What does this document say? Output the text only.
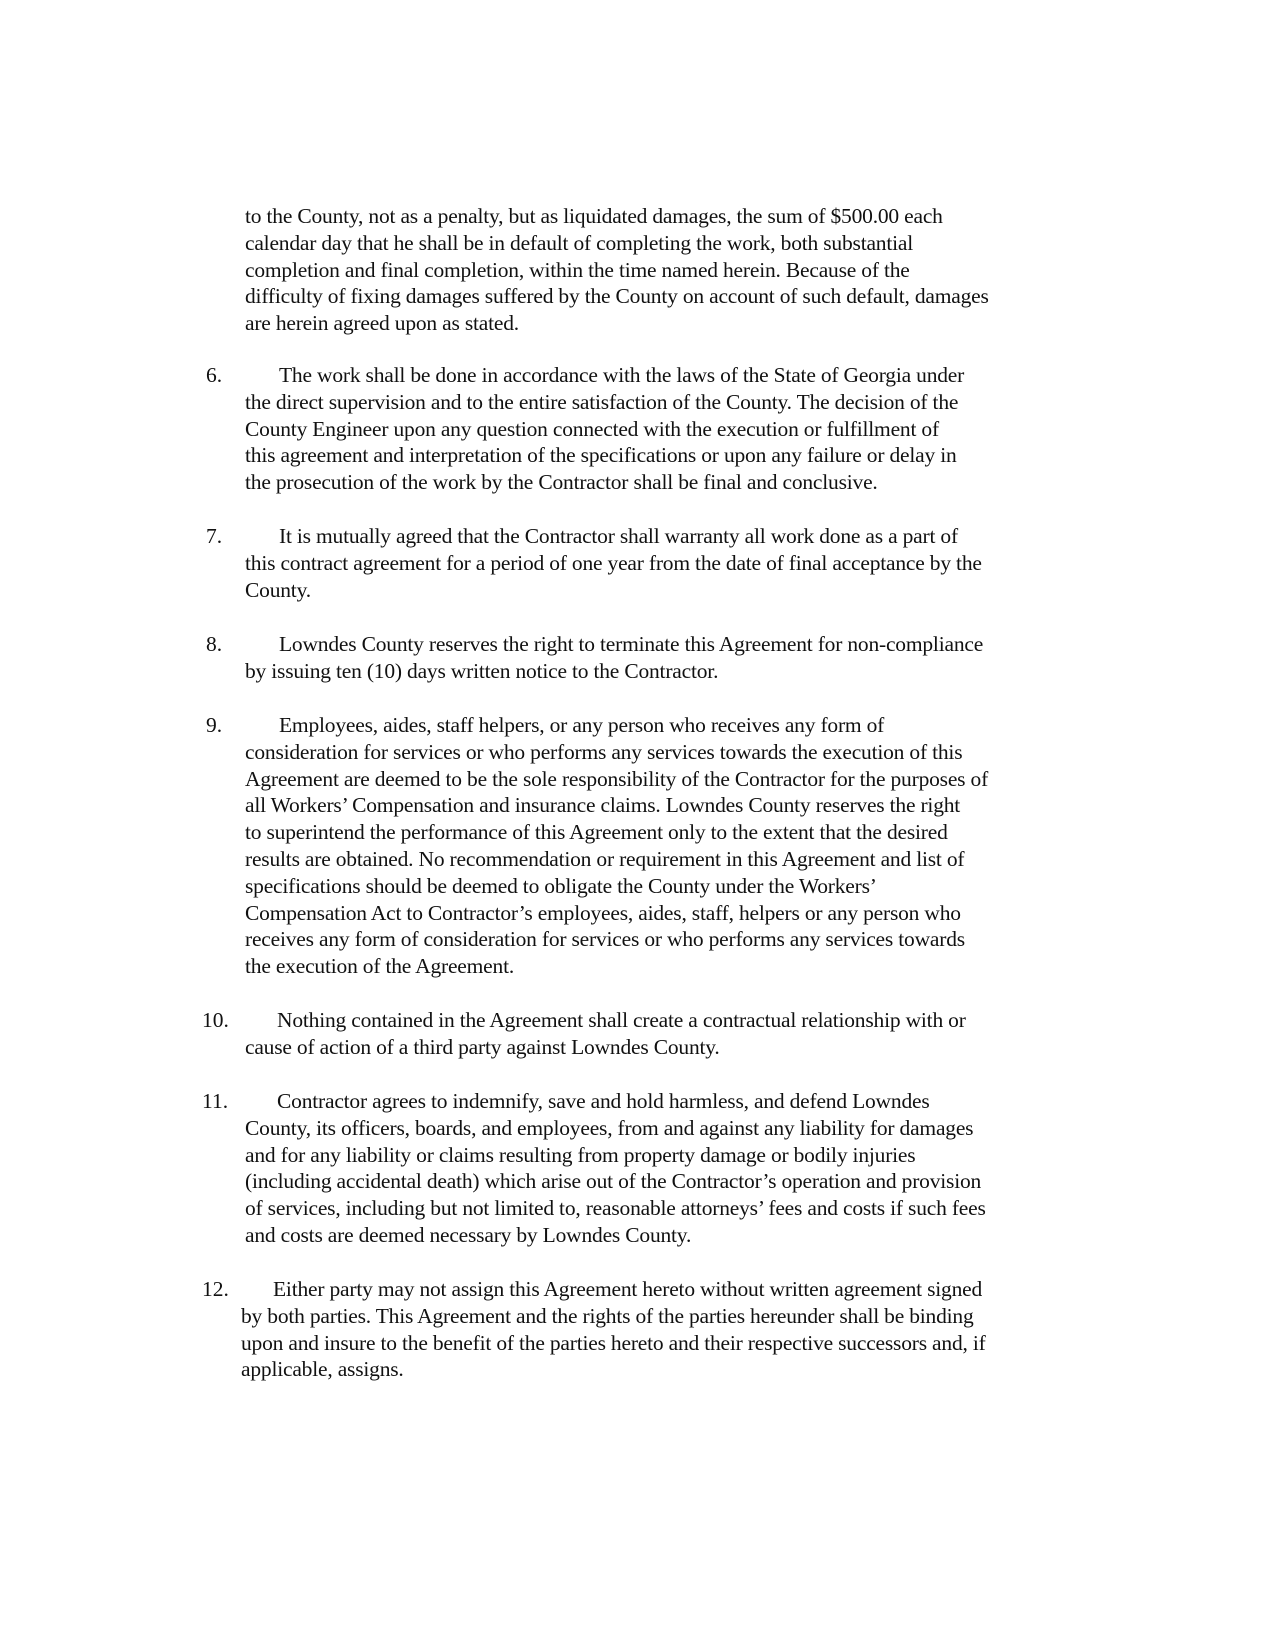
to the County, not as a penalty, but as liquidated damages, the sum of $500.00 each
calendar day that he shall be in default of completing the work, both substantial
completion and final completion, within the time named herein. Because of the
difficulty of fixing damages suffered by the County on account of such default, damages
are herein agreed upon as stated.
6.	The work shall be done in accordance with the laws of the State of Georgia under
the direct supervision and to the entire satisfaction of the County. The decision of the
County Engineer upon any question connected with the execution or fulfillment of
this agreement and interpretation of the specifications or upon any failure or delay in
the prosecution of the work by the Contractor shall be final and conclusive.
7.	It is mutually agreed that the Contractor shall warranty all work done as a part of
this contract agreement for a period of one year from the date of final acceptance by the
County.
8.	Lowndes County reserves the right to terminate this Agreement for non-compliance
by issuing ten (10) days written notice to the Contractor.
9.	Employees, aides, staff helpers, or any person who receives any form of
consideration for services or who performs any services towards the execution of this
Agreement are deemed to be the sole responsibility of the Contractor for the purposes of
all Workers’ Compensation and insurance claims. Lowndes County reserves the right
to superintend the performance of this Agreement only to the extent that the desired
results are obtained. No recommendation or requirement in this Agreement and list of
specifications should be deemed to obligate the County under the Workers’
Compensation Act to Contractor’s employees, aides, staff, helpers or any person who
receives any form of consideration for services or who performs any services towards
the execution of the Agreement.
10.	Nothing contained in the Agreement shall create a contractual relationship with or
cause of action of a third party against Lowndes County.
11.	Contractor agrees to indemnify, save and hold harmless, and defend Lowndes
County, its officers, boards, and employees, from and against any liability for damages
and for any liability or claims resulting from property damage or bodily injuries
(including accidental death) which arise out of the Contractor’s operation and provision
of services, including but not limited to, reasonable attorneys’ fees and costs if such fees
and costs are deemed necessary by Lowndes County.
12.	Either party may not assign this Agreement hereto without written agreement signed
by both parties. This Agreement and the rights of the parties hereunder shall be binding
upon and insure to the benefit of the parties hereto and their respective successors and, if
applicable, assigns.
